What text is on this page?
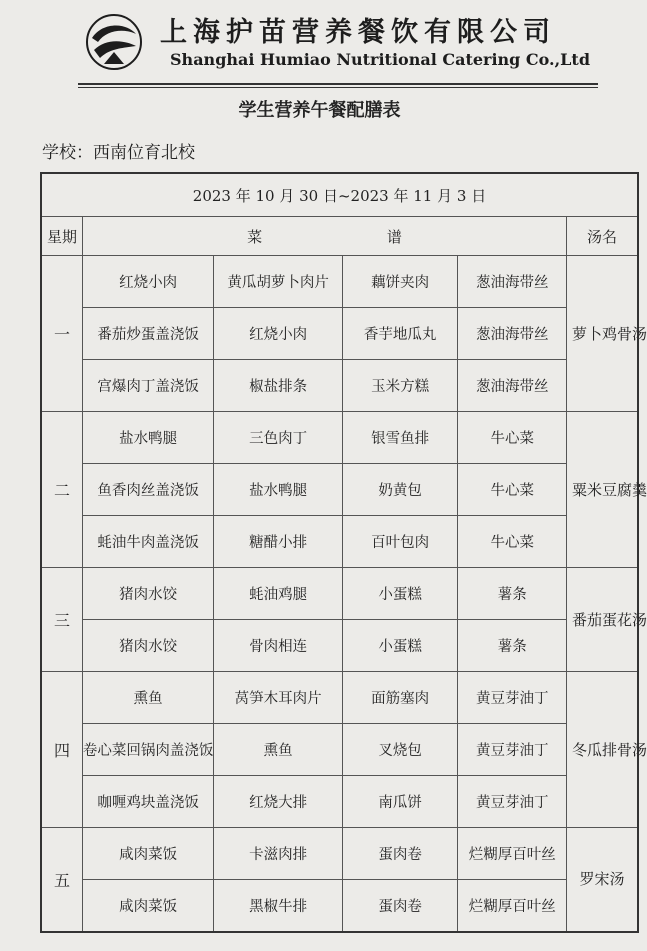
上海护苗营养餐饮有限公司
Shanghai Humiao Nutritional Catering Co.,Ltd
学生营养午餐配膳表
学校：西南位育北校
2023 年 10 月 30 日~2023 年 11 月 3 日					
星期	菜 谱				汤名
一	红烧小肉	黄瓜胡萝卜肉片	藕饼夹肉	葱油海带丝	萝卜鸡骨汤
	番茄炒蛋盖浇饭	红烧小肉	香芋地瓜丸	葱油海带丝	
	宫爆肉丁盖浇饭	椒盐排条	玉米方糕	葱油海带丝	
二	盐水鸭腿	三色肉丁	银雪鱼排	牛心菜	粟米豆腐羹
	鱼香肉丝盖浇饭	盐水鸭腿	奶黄包	牛心菜	
	蚝油牛肉盖浇饭	糖醋小排	百叶包肉	牛心菜	
三	猪肉水饺	蚝油鸡腿	小蛋糕	薯条	番茄蛋花汤
	猪肉水饺	骨肉相连	小蛋糕	薯条	
四	熏鱼	莴笋木耳肉片	面筋塞肉	黄豆芽油丁	冬瓜排骨汤
	卷心菜回锅肉盖浇饭	熏鱼	叉烧包	黄豆芽油丁	
	咖喱鸡块盖浇饭	红烧大排	南瓜饼	黄豆芽油丁	
五	咸肉菜饭	卡滋肉排	蛋肉卷	烂糊厚百叶丝	罗宋汤
	咸肉菜饭	黑椒牛排	蛋肉卷	烂糊厚百叶丝	
